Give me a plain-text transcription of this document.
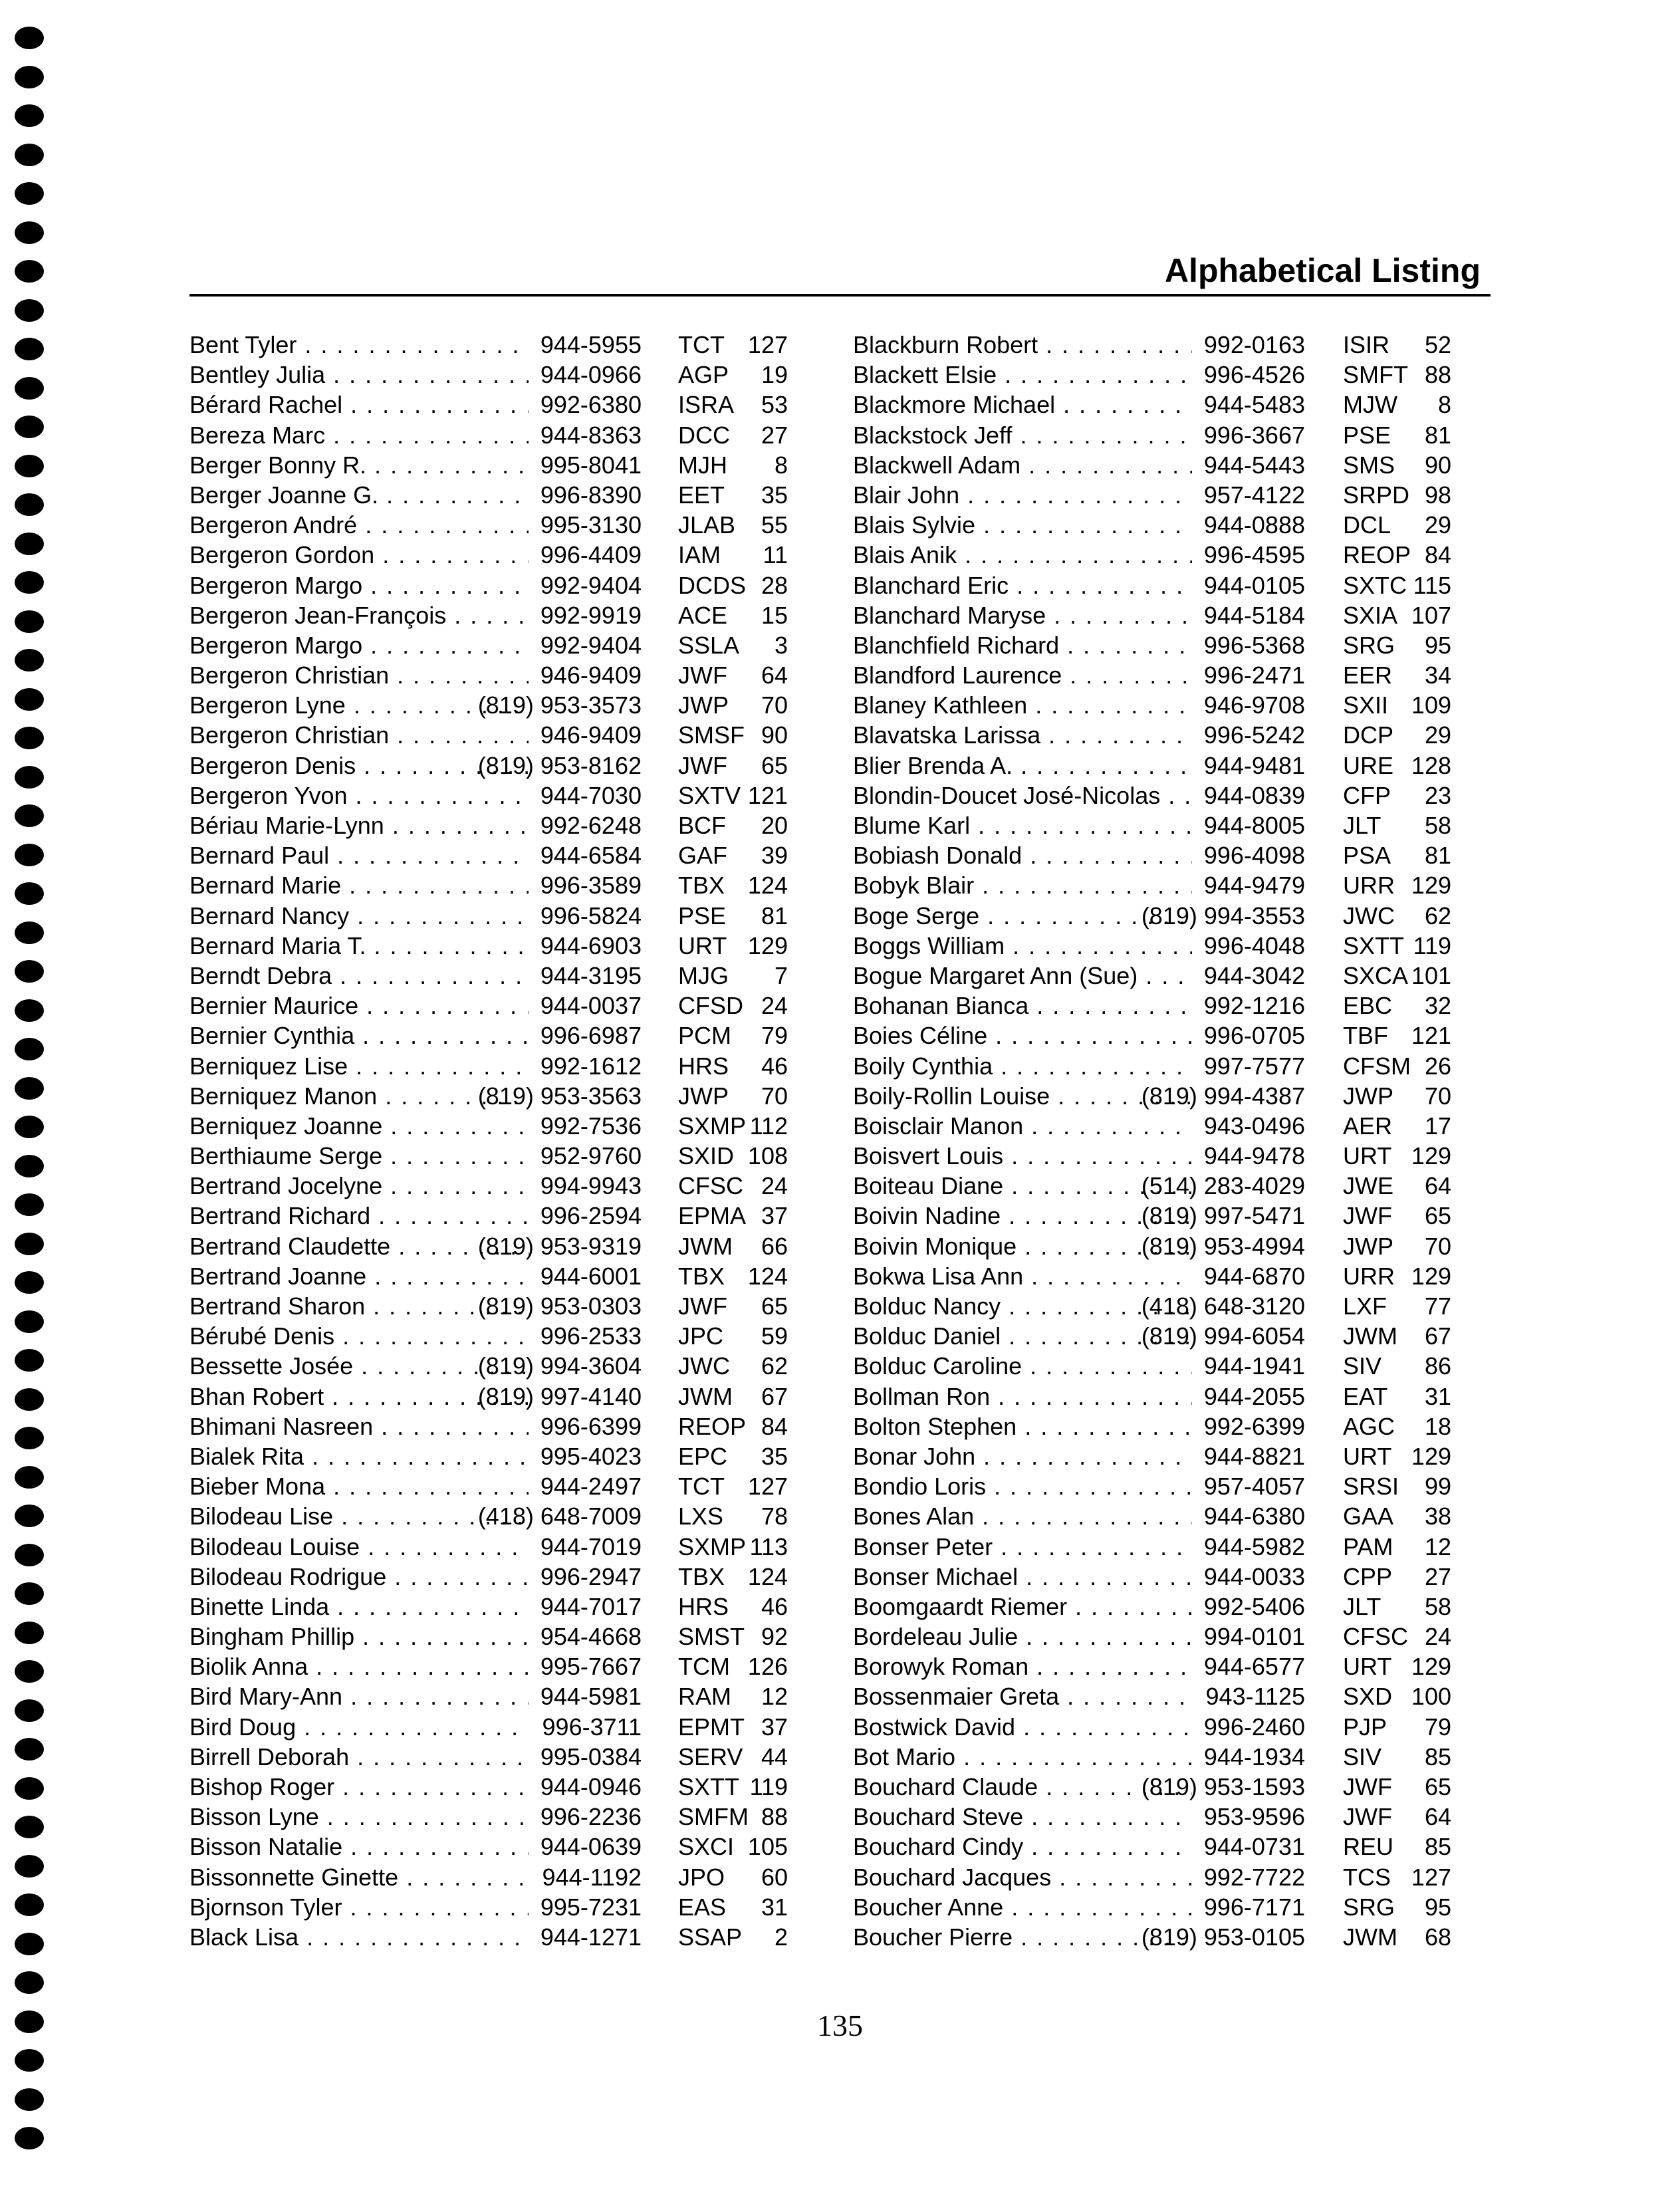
Alphabetical Listing
Bent Tyler . . .	944-5955 TCT 127
Bentley Julia . . .	944-0966 AGP	19
Bérard Rachel . . .	992-6380 ISRA	53
Bereza Marc . . .	944-8363 DCC	27
Berger Bonny R. . . .	995-8041 MJH	8
Berger Joanne G. . . .	996-8390 EET	35
Bergeron André . . .	995-3130 JLAB	55
Bergeron Gordon . . .	996-4409 IAM	11
Bergeron Margo . . .	992-9404 DCDS 28
Bergeron Jean-François . . .	992-9919 ACE	15
Bergeron Margo . . .	992-9404 SSLA	3
Bergeron Christian . . .	946-9409 JWF	64
Bergeron Lyne . . .	(819) 953-3573 JWP	70
Bergeron Christian . . .	946-9409 SMSF 90
Bergeron Denis . . .	(819) 953-8162 JWF	65
Bergeron Yvon . . .	944-7030 SXTV 121
Bériau Marie-Lynn . . .	992-6248 BCF	20
Bernard Paul . . .	944-6584 GAF	39
Bernard Marie . . .	996-3589 TBX 124
Bernard Nancy . . .	996-5824 PSE	81
Bernard Maria T. . . .	944-6903 URT 129
Berndt Debra . . .	944-3195 MJG	7
Bernier Maurice . . .	944-0037 CFSD 24
Bernier Cynthia . . .	996-6987 PCM	79
Berniquez Lise . . .	992-1612 HRS	46
Berniquez Manon . . .	(819) 953-3563 JWP	70
Berniquez Joanne . . .	992-7536 SXMP 112
Berthiaume Serge . . .	952-9760 SXID 108
Bertrand Jocelyne . . .	994-9943 CFSC 24
Bertrand Richard . . .	996-2594 EPMA 37
Bertrand Claudette . . .	(819) 953-9319 JWM	66
Bertrand Joanne . . .	944-6001 TBX 124
Bertrand Sharon . . .	(819) 953-0303 JWF	65
Bérubé Denis . . .	996-2533 JPC	59
Bessette Josée . . .	(819) 994-3604 JWC	62
Bhan Robert . . .	(819) 997-4140 JWM	67
Bhimani Nasreen . . .	996-6399 REOP 84
Bialek Rita . . .	995-4023 EPC	35
Bieber Mona . . .	944-2497 TCT 127
Bilodeau Lise . . .	(418) 648-7009 LXS	78
Bilodeau Louise . . .	944-7019 SXMP 113
Bilodeau Rodrigue . . .	996-2947 TBX 124
Binette Linda . . .	944-7017 HRS	46
Bingham Phillip . . .	954-4668 SMST 92
Biolik Anna . . .	995-7667 TCM 126
Bird Mary-Ann . . .	944-5981 RAM	12
Bird Doug . . .	996-3711 EPMT 37
Birrell Deborah . . .	995-0384 SERV 44
Bishop Roger . . .	944-0946 SXTT 119
Bisson Lyne . . .	996-2236 SMFM 88
Bisson Natalie . . .	944-0639 SXCI 105
Bissonnette Ginette . . .	944-1192 JPO	60
Bjornson Tyler . . .	995-7231 EAS	31
Black Lisa . . .	944-1271 SSAP	2
Blackburn Robert . . .	992-0163 ISIR	52
Blackett Elsie . . .	996-4526 SMFT 88
Blackmore Michael . . .	944-5483 MJW	8
Blackstock Jeff . . .	996-3667 PSE	81
Blackwell Adam . . .	944-5443 SMS	90
Blair John . . .	957-4122 SRPD 98
Blais Sylvie . . .	944-0888 DCL	29
Blais Anik . . .	996-4595 REOP 84
Blanchard Eric . . .	944-0105 SXTC 115
Blanchard Maryse . . .	944-5184 SXIA 107
Blanchfield Richard . . .	996-5368 SRG	95
Blandford Laurence . . .	996-2471 EER	34
Blaney Kathleen . . .	946-9708 SXII 109
Blavatska Larissa . . .	996-5242 DCP	29
Blier Brenda A. . . .	944-9481 URE 128
Blondin-Doucet José-Nicolas . . .	944-0839 CFP	23
Blume Karl . . .	944-8005 JLT	58
Bobiash Donald . . .	996-4098 PSA	81
Bobyk Blair . . .	944-9479 URR 129
Boge Serge . . .	(819) 994-3553 JWC	62
Boggs William . . .	996-4048 SXTT 119
Bogue Margaret Ann (Sue) . . .	944-3042 SXCA 101
Bohanan Bianca . . .	992-1216 EBC	32
Boies Céline . . .	996-0705 TBF 121
Boily Cynthia . . .	997-7577 CFSM 26
Boily-Rollin Louise . . .	(819) 994-4387 JWP	70
Boisclair Manon . . .	943-0496 AER	17
Boisvert Louis . . .	944-9478 URT 129
Boiteau Diane . . .	(514) 283-4029 JWE	64
Boivin Nadine . . .	(819) 997-5471 JWF	65
Boivin Monique . . .	(819) 953-4994 JWP	70
Bokwa Lisa Ann . . .	944-6870 URR 129
Bolduc Nancy . . .	(418) 648-3120 LXF	77
Bolduc Daniel . . .	(819) 994-6054 JWM	67
Bolduc Caroline . . .	944-1941 SIV	86
Bollman Ron . . .	944-2055 EAT	31
Bolton Stephen . . .	992-6399 AGC	18
Bonar John . . .	944-8821 URT 129
Bondio Loris . . .	957-4057 SRSI	99
Bones Alan . . .	944-6380 GAA	38
Bonser Peter . . .	944-5982 PAM	12
Bonser Michael . . .	944-0033 CPP	27
Boomgaardt Riemer . . .	992-5406 JLT	58
Bordeleau Julie . . .	994-0101 CFSC 24
Borowyk Roman . . .	944-6577 URT 129
Bossenmaier Greta . . .	943-1125 SXD 100
Bostwick David . . .	996-2460 PJP	79
Bot Mario . . .	944-1934 SIV	85
Bouchard Claude . . .	(819) 953-1593 JWF	65
Bouchard Steve . . .	953-9596 JWF	64
Bouchard Cindy . . .	944-0731 REU	85
Bouchard Jacques . . .	992-7722 TCS 127
Boucher Anne . . .	996-7171 SRG	95
Boucher Pierre . . .	(819) 953-0105 JWM	68
135
